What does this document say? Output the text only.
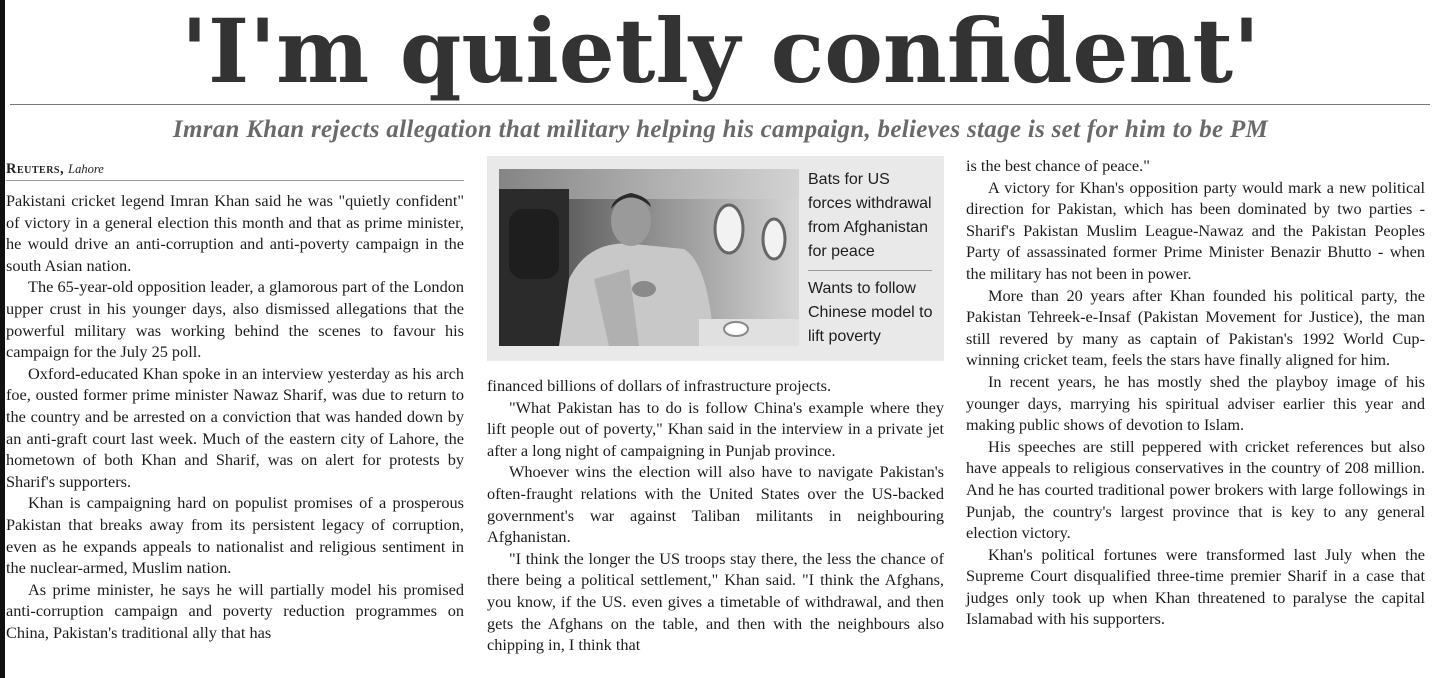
'I'm quietly confident'
Imran Khan rejects allegation that military helping his campaign, believes stage is set for him to be PM
Reuters, Lahore

Pakistani cricket legend Imran Khan said he was "quietly confident" of victory in a general election this month and that as prime minister, he would drive an anti-corruption and anti-poverty campaign in the south Asian nation.

The 65-year-old opposition leader, a glamorous part of the London upper crust in his younger days, also dismissed allegations that the powerful military was working behind the scenes to favour his campaign for the July 25 poll.

Oxford-educated Khan spoke in an interview yesterday as his arch foe, ousted former prime minister Nawaz Sharif, was due to return to the country and be arrested on a conviction that was handed down by an anti-graft court last week. Much of the eastern city of Lahore, the hometown of both Khan and Sharif, was on alert for protests by Sharif's supporters.

Khan is campaigning hard on populist promises of a prosperous Pakistan that breaks away from its persistent legacy of corruption, even as he expands appeals to nationalist and religious sentiment in the nuclear-armed, Muslim nation.

As prime minister, he says he will partially model his promised anti-corruption campaign and poverty reduction programmes on China, Pakistan's traditional ally that has

Bats for US forces withdrawal from Afghanistan for peace
Wants to follow Chinese model to lift poverty

financed billions of dollars of infrastructure projects.

"What Pakistan has to do is follow China's example where they lift people out of poverty," Khan said in the interview in a private jet after a long night of campaigning in Punjab province.

Whoever wins the election will also have to navigate Pakistan's often-fraught relations with the United States over the US-backed government's war against Taliban militants in neighbouring Afghanistan.

"I think the longer the US troops stay there, the less the chance of there being a political settlement," Khan said. "I think the Afghans, you know, if the US. even gives a timetable of withdrawal, and then gets the Afghans on the table, and then with the neighbours also chipping in, I think that

is the best chance of peace."

A victory for Khan's opposition party would mark a new political direction for Pakistan, which has been dominated by two parties - Sharif's Pakistan Muslim League-Nawaz and the Pakistan Peoples Party of assassinated former Prime Minister Benazir Bhutto - when the military has not been in power.

More than 20 years after Khan founded his political party, the Pakistan Tehreek-e-Insaf (Pakistan Movement for Justice), the man still revered by many as captain of Pakistan's 1992 World Cup-winning cricket team, feels the stars have finally aligned for him.

In recent years, he has mostly shed the playboy image of his younger days, marrying his spiritual adviser earlier this year and making public shows of devotion to Islam.

His speeches are still peppered with cricket references but also have appeals to religious conservatives in the country of 208 million. And he has courted traditional power brokers with large followings in Punjab, the country's largest province that is key to any general election victory.

Khan's political fortunes were transformed last July when the Supreme Court disqualified three-time premier Sharif in a case that judges only took up when Khan threatened to paralyse the capital Islamabad with his supporters.
